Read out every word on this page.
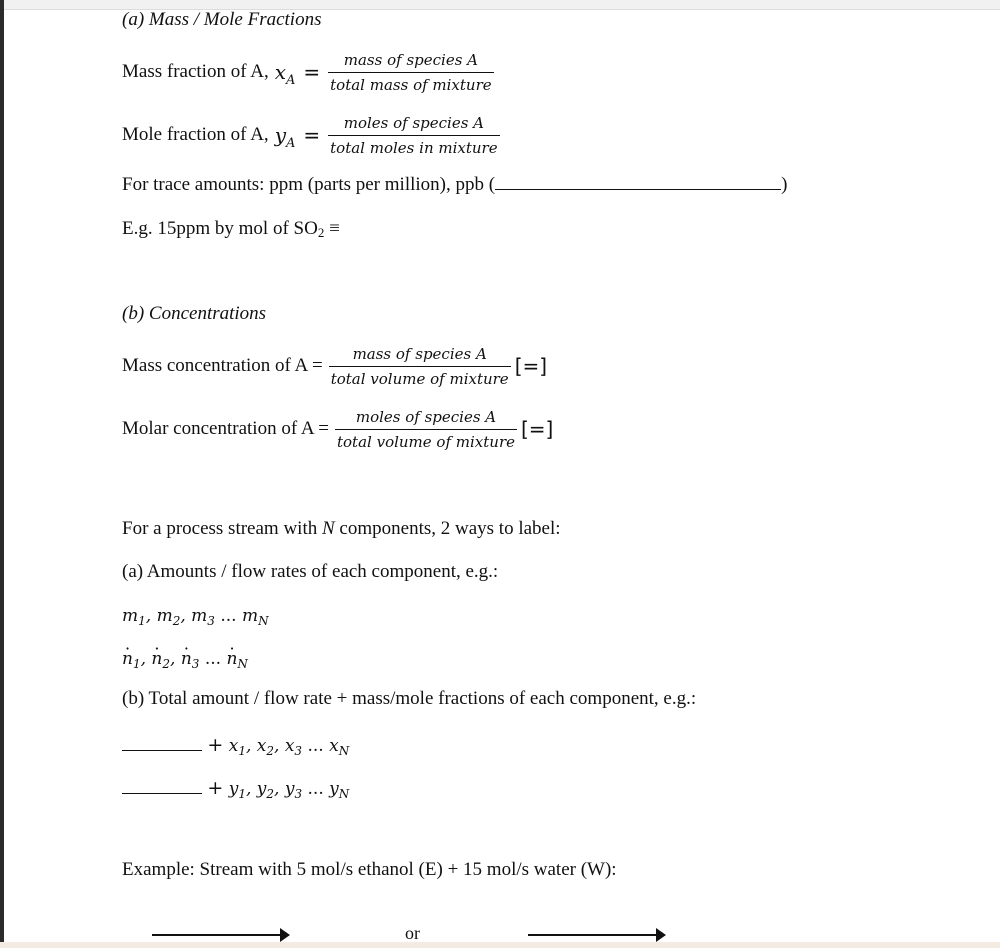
(a) Mass / Mole Fractions
Mass fraction of A, $x_A = \frac{\text{mass of species A}}{\text{total mass of mixture}}$
Mole fraction of A, $y_A = \frac{\text{moles of species A}}{\text{total moles in mixture}}$
For trace amounts: ppm (parts per million), ppb (	)
E.g. 15ppm by mol of SO2 ≡
(b) Concentrations
Mass concentration of $A = \frac{\text{mass of species A}}{\text{total volume of mixture}}$ [=]
Molar concentration of $A = \frac{\text{moles of species A}}{\text{total volume of mixture}}$ [=]
For a process stream with N components, 2 ways to label:
(a) Amounts / flow rates of each component, e.g.:
$m_1$, $m_2$, $m_3$ ... $m_N$
· $n_1$, · $n_2$, · $n_3$ ... · $n_N$
(b) Total amount / flow rate + mass/mole fractions of each component, e.g.:
+ $x_1$, $x_2$, $x_3$ ... $x_N$
+ $y_1$, $y_2$, $y_3$ ... $y_N$
Example: Stream with 5 mol/s ethanol (E) + 15 mol/s water (W):
or
